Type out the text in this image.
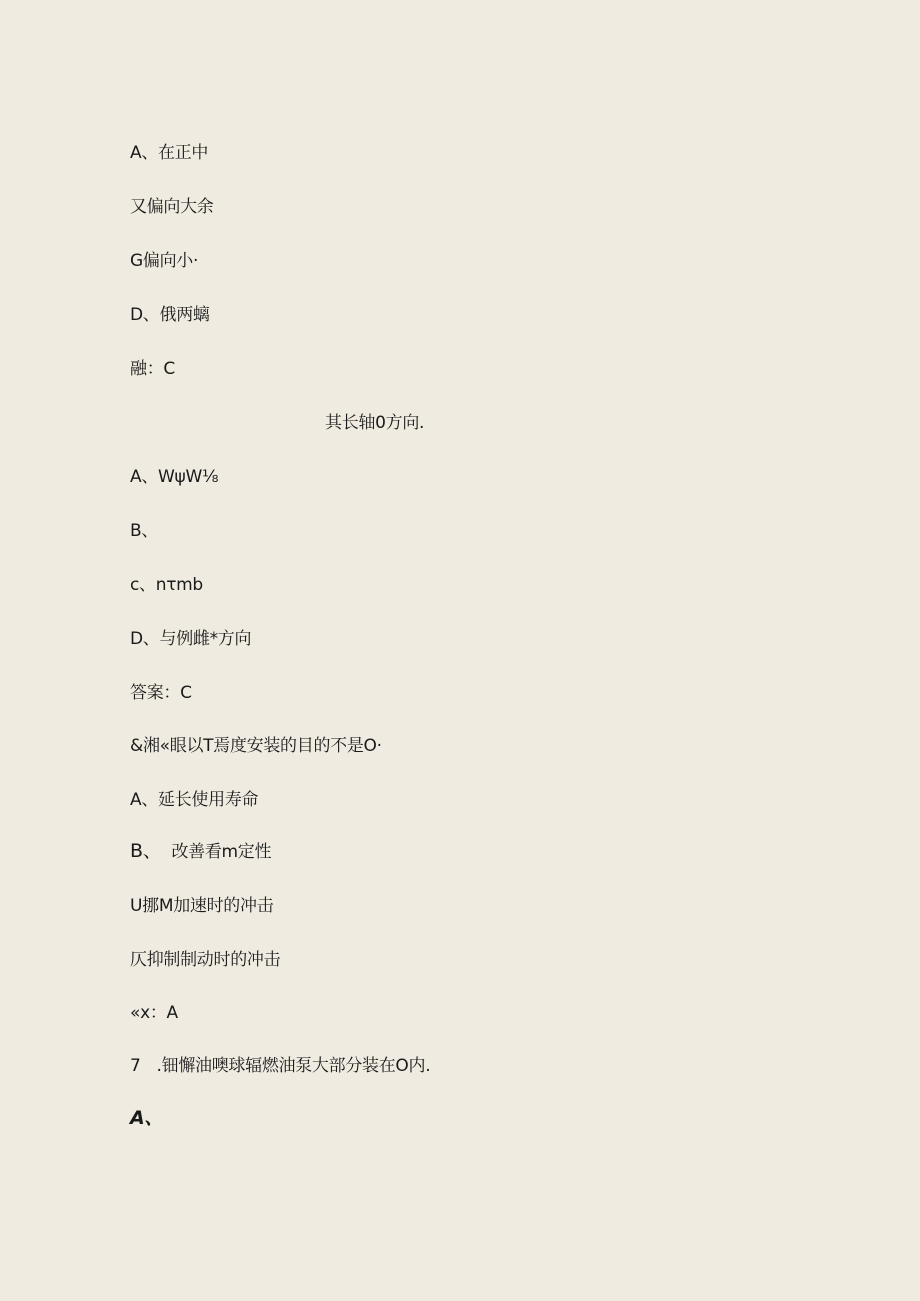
A、在正中
又偏向大余
G偏向小·
D、俄两螭
融：C
其长轴0方向.
A、WψW⅛
B、
c、nτmb
D、与例雌*方向
答案：C
&湘«眼以T焉度安装的目的不是O·
A、延长使用寿命
B、 改善看m定性
U挪M加速时的冲击
仄抑制制动时的冲击
«x：A
7 .钿懈油噢球辐燃油泵大部分装在O内.
A、
